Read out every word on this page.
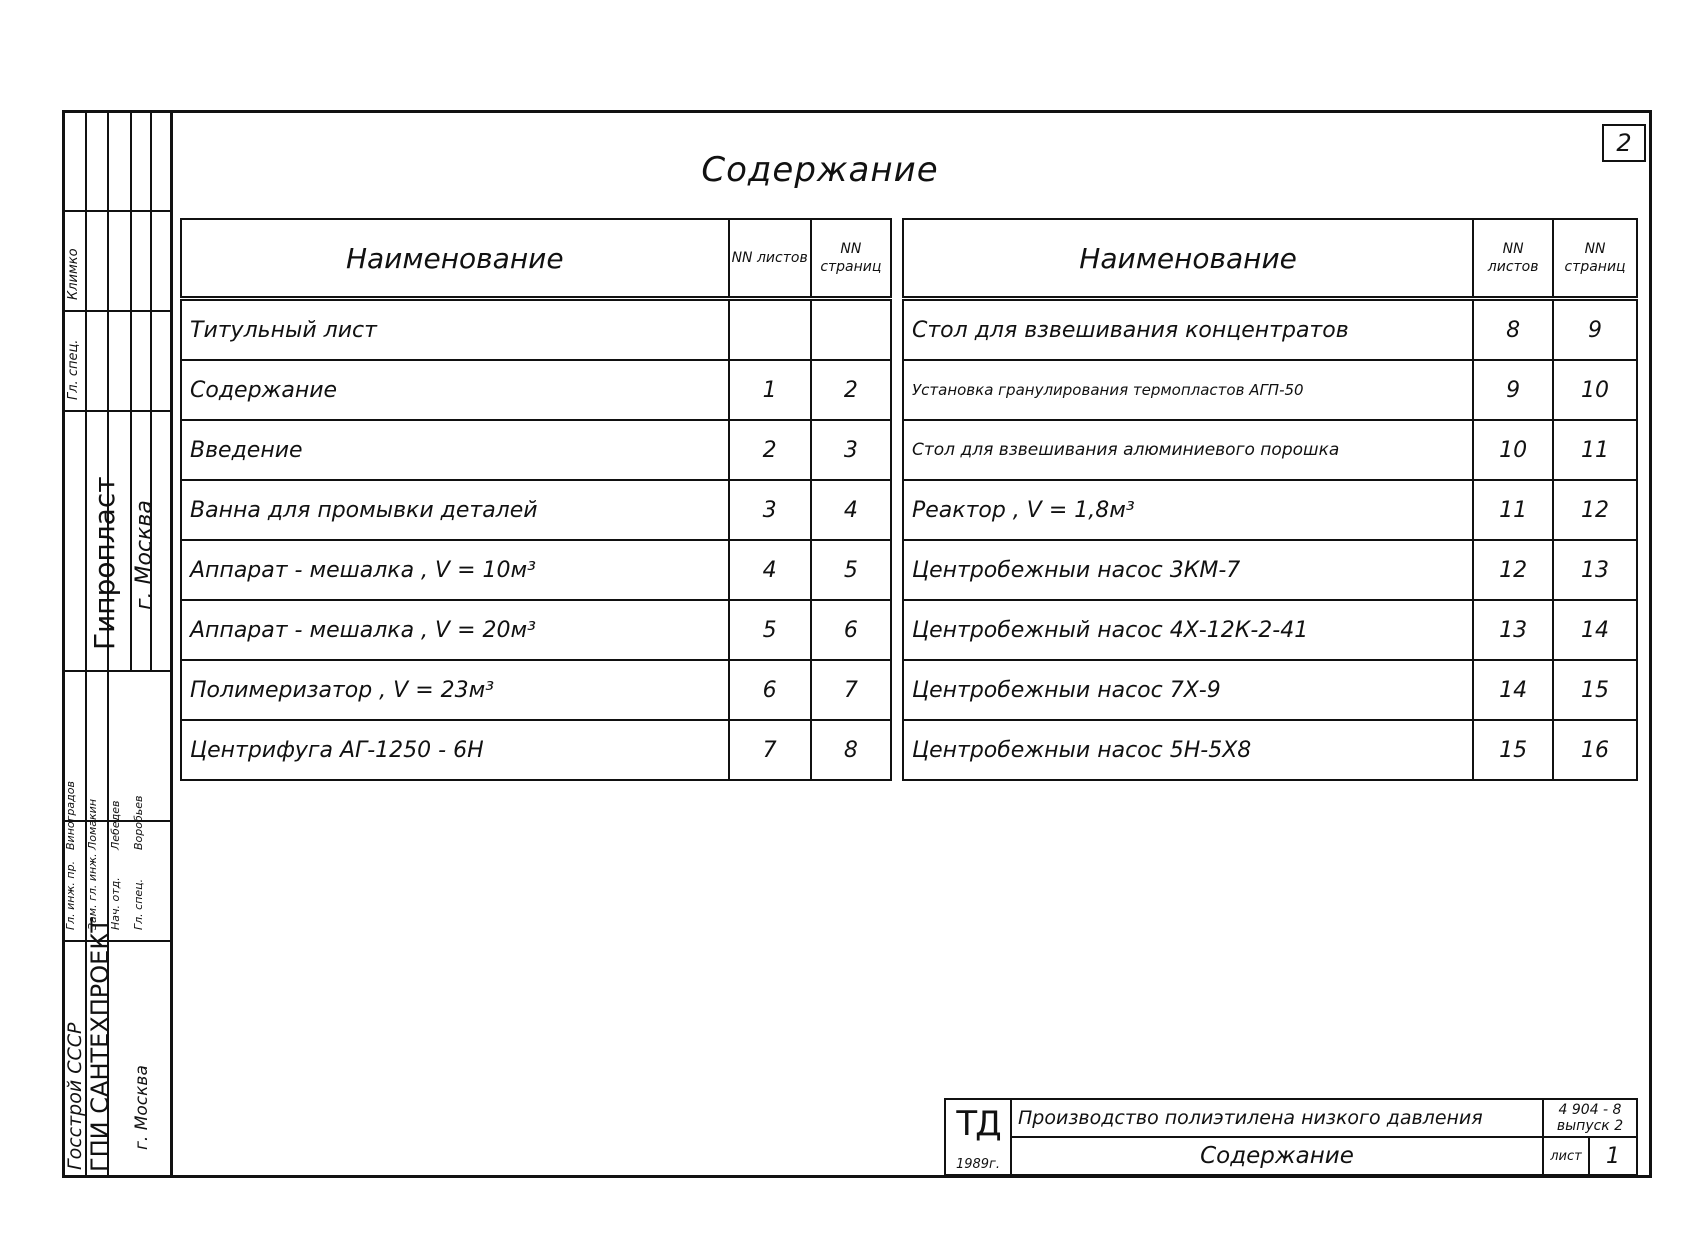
Климко
Гл. спец.
Гипропласт г. Москва
Гл. инж. пр. Зам. гл. инж. Нач. отд. Гл. спец.
Виноградов Ломакин Лебедев Воробьев
Госстрой СССР ГПИ САНТЕХПРОЕКТ г. Москва
2
Содержание
Наименование	NN листов	NN страниц
Титульный лист		
Содержание	1	2
Введение	2	3
Ванна для промывки деталей	3	4
Аппарат - мешалка , V = 10м³	4	5
Аппарат - мешалка , V = 20м³	5	6
Полимеризатор , V = 23м³	6	7
Центрифуга АГ-1250 - 6Н	7	8
Наименование	NN листов	NN страниц
Стол для взвешивания концентратов	8	9
Установка гранулирования термопластов АГП-50	9	10
Стол для взвешивания алюминиевого порошка	10	11
Реактор , V = 1,8м³	11	12
Центробежныи насос 3КМ-7	12	13
Центробежный насос 4Х-12К-2-41	13	14
Центробежныи насос 7Х-9	14	15
Центробежныи насос 5Н-5Х8	15	16
ТД
1989г.
Производство полиэтилена низкого давления	4 904 - 8
выпуск 2
Содержание	лист 1
